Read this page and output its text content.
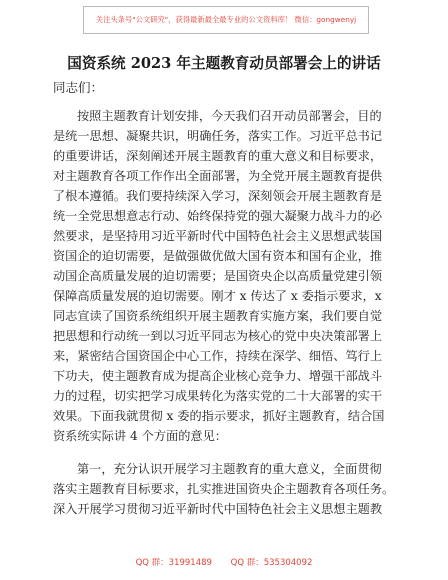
关注头条号"公文研究"，获得最新最全最专业的公文资料库！ 微信：gongwenyj
国资系统 2023 年主题教育动员部署会上的讲话
同志们：
按照主题教育计划安排，今天我们召开动员部署会，目的
是统一思想、凝聚共识，明确任务，落实工作。习近平总书记
的重要讲话，深刻阐述开展主题教育的重大意义和目标要求，
对主题教育各项工作作出全面部署，为全党开展主题教育提供
了根本遵循。我们要持续深入学习，深刻领会开展主题教育是
统一全党思想意志行动、始终保持党的强大凝聚力战斗力的必
然要求，是坚持用习近平新时代中国特色社会主义思想武装国
资国企的迫切需要，是做强做优做大国有资本和国有企业，推
动国企高质量发展的迫切需要；是国资央企以高质量党建引领
保障高质量发展的迫切需要。刚才 x 传达了 x 委指示要求，x
同志宣读了国资系统组织开展主题教育实施方案，我们要自觉
把思想和行动统一到以习近平同志为核心的党中央决策部署上
来，紧密结合国资国企中心工作，持续在深学、细悟、笃行上
下功夫，使主题教育成为提高企业核心竞争力、增强干部战斗
力的过程，切实把学习成果转化为落实党的二十大部署的实干
效果。下面我就贯彻 x 委的指示要求，抓好主题教育，结合国
资系统实际讲 4 个方面的意见：
第一，充分认识开展学习主题教育的重大意义，全面贯彻
落实主题教育目标要求，扎实推进国资央企主题教育各项任务。
深入开展学习贯彻习近平新时代中国特色社会主义思想主题教
QQ 群：31991489 QQ 群：535304092
